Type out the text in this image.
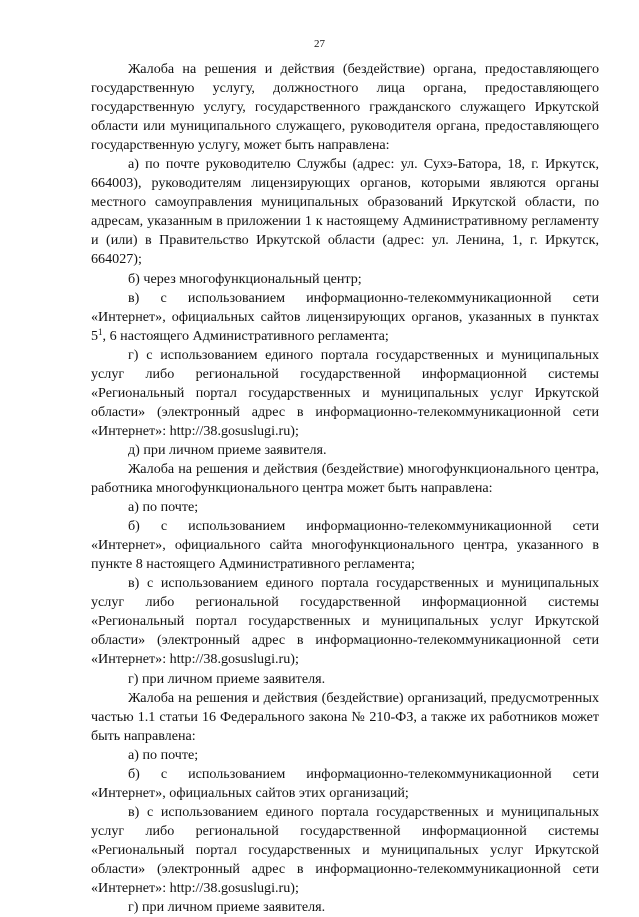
27

Жалоба на решения и действия (бездействие) органа, предоставляющего государственную услугу, должностного лица органа, предоставляющего государственную услугу, государственного гражданского служащего Иркутской области или муниципального служащего, руководителя органа, предоставляющего государственную услугу, может быть направлена:

а) по почте руководителю Службы (адрес: ул. Сухэ-Батора, 18, г. Иркутск, 664003), руководителям лицензирующих органов, которыми являются органы местного самоуправления муниципальных образований Иркутской области, по адресам, указанным в приложении 1 к настоящему Административному регламенту и (или) в Правительство Иркутской области (адрес: ул. Ленина, 1, г. Иркутск, 664027);

б) через многофункциональный центр;

в) с использованием информационно-телекоммуникационной сети «Интернет», официальных сайтов лицензирующих органов, указанных в пунктах $5^1$, 6 настоящего Административного регламента;

г) с использованием единого портала государственных и муниципальных услуг либо региональной государственной информационной системы «Региональный портал государственных и муниципальных услуг Иркутской области» (электронный адрес в информационно-телекоммуникационной сети «Интернет»: http://38.gosuslugi.ru);

д) при личном приеме заявителя.

Жалоба на решения и действия (бездействие) многофункционального центра, работника многофункционального центра может быть направлена:

а) по почте;

б) с использованием информационно-телекоммуникационной сети «Интернет», официального сайта многофункционального центра, указанного в пункте 8 настоящего Административного регламента;

в) с использованием единого портала государственных и муниципальных услуг либо региональной государственной информационной системы «Региональный портал государственных и муниципальных услуг Иркутской области» (электронный адрес в информационно-телекоммуникационной сети «Интернет»: http://38.gosuslugi.ru);

г) при личном приеме заявителя.

Жалоба на решения и действия (бездействие) организаций, предусмотренных частью 1.1 статьи 16 Федерального закона № 210-ФЗ, а также их работников может быть направлена:

а) по почте;

б) с использованием информационно-телекоммуникационной сети «Интернет», официальных сайтов этих организаций;

в) с использованием единого портала государственных и муниципальных услуг либо региональной государственной информационной системы «Региональный портал государственных и муниципальных услуг Иркутской области» (электронный адрес в информационно-телекоммуникационной сети «Интернет»: http://38.gosuslugi.ru);

г) при личном приеме заявителя.
